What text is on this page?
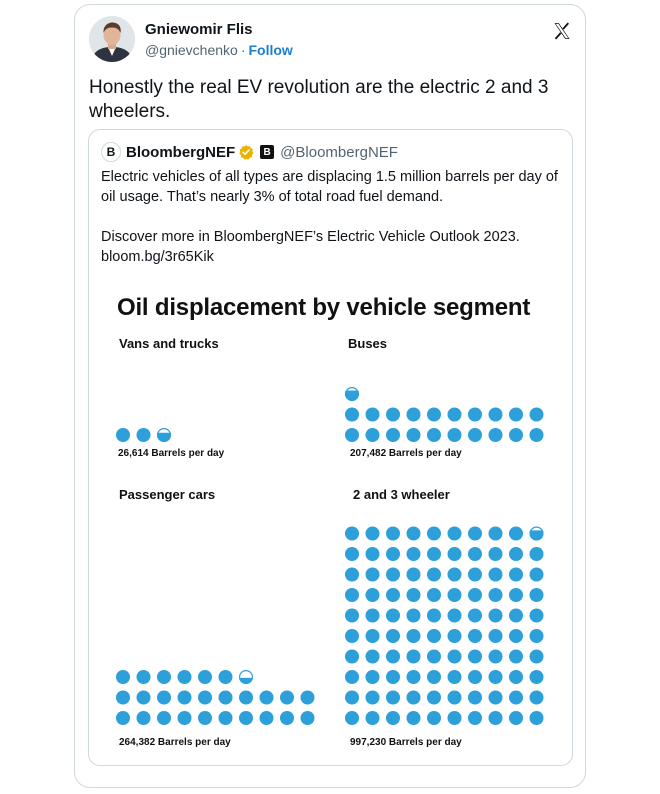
Gniewomir Flis
@gnievchenko · Follow
Honestly the real EV revolution are the electric 2 and 3 wheelers.
B BloombergNEF	B @BloombergNEF

Electric vehicles of all types are displacing 1.5 million barrels per day of oil usage. That’s nearly 3% of total road fuel demand.

Discover more in BloombergNEF’s Electric Vehicle Outlook 2023.
bloom.bg/3r65Kik

Oil displacement by vehicle segment
Vans and trucks	Buses
Passenger cars	2 and 3 wheeler
26,614 Barrels per day	207,482 Barrels per day
264,382 Barrels per day	997,230 Barrels per day
